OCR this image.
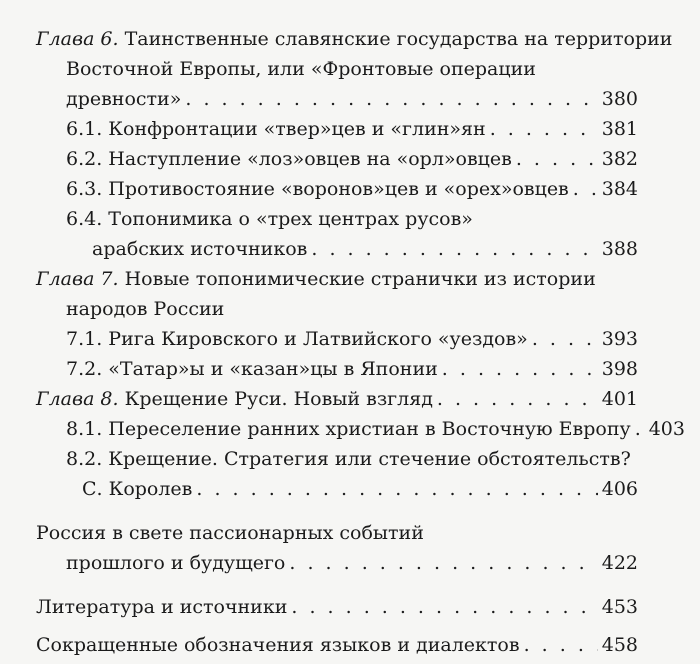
Глава 6.
Таинственные славянские государства на территории
Восточной Европы, или «Фронтовые операции
древности» . . .	380
6.1. Конфронтации «твер»цев и «глин»ян . . .	381
6.2. Наступление «лоз»овцев на «орл»овцев . . .	382
6.3. Противостояние «воронов»цев и «орех»овцев . . . 384
6.4. Топонимика о «трех центрах русов»
арабских источников . . .	388
Глава 7.
Новые топонимические странички из истории
народов России
7.1. Рига Кировского и Латвийского «уездов» . . .	393
7.2. «Татар»ы и «казан»цы в Японии . . .	398
Глава 8.
Крещение Руси. Новый взгляд . . .	401
8.1. Переселение ранних христиан в Восточную Европу . . . 403
8.2. Крещение. Стратегия или стечение обстоятельств?
С. Королев . . .	406
Россия в свете пассионарных событий
прошлого и будущего . . .	422
Литература и источники . . .	453
Сокращенные обозначения языков и диалектов . . .	458
